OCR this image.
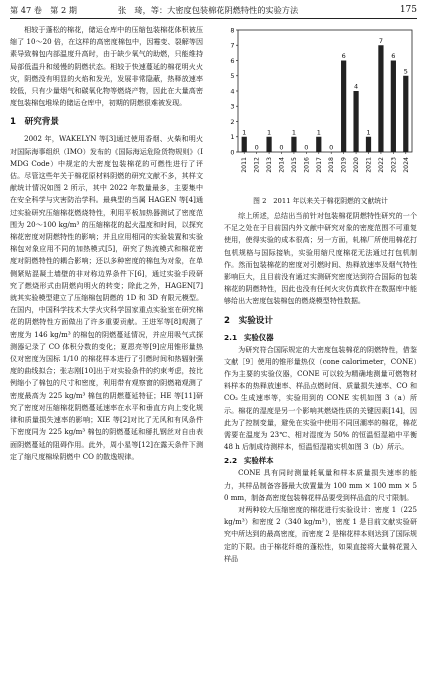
第 47 卷　第 2 期	张　琦，等：大密度包装棉花阴燃特性的实验方法	175

相较于蓬松的棉花，储运仓库中的压缩包装棉花体积被压缩了 10～20 倍，在这样的高密度棉包中，因霉变、裂解等因素导致棉包内部温度升高时，由于缺少氧气的助燃，只能维持局部低温升和缓慢的阴燃状态。相较于快速蔓延的棉花明火火灾，阴燃没有明显的火焰和发光，发展非常隐蔽，热释放速率较低，只有少量烟气和碳氧化物等燃烧产物，因此在大量高密度包装棉包堆垛的储运仓库中，初期的阴燃很难被发现。

1　 研究背景

2002 年，WAKELYN 等[3]通过使用香烟、火柴和明火对国际海事组织（IMO）发布的《国际海运危险货物规则》（IMDG Code）中规定的大密度包装棉花的可燃性进行了评估。尽管这些年关于棉花原材料阴燃的研究文献不多，其样文献统计情况如图 2 所示，其中 2022 年数量最多，主要集中在安全科学与灾害防治学科。最典型的当属 HAGEN 等[4]通过实验研究压缩棉花燃烧特性，利用平板加热器测试了密度范围为 20～100 kg/m³ 的压缩棉花的起火温度和时间，以探究棉花密度对阴燃特性的影响；并且应用相同的实验装置和实验棉包对象应用不同的加热模式[5]，研究了热流模式和棉花密度对阴燃特性的耦合影响；还以多种密度的棉包为对象，在单侧紧贴混凝土墙壁的非对称边界条件下[6]，通过实验手段研究了燃烧形式由阴燃向明火的转变；除此之外，HAGEN[7]就其实验模型建立了压缩棉包阴燃的 1D 和 3D 有限元模型。在国内，中国科学技术大学火灾科学国家重点实验室在研究棉花的阴燃特性方面做出了许多重要贡献。王进军等[8]观测了密度为 146 kg/m³ 的棉包的阴燃蔓延情况，并应用吸气式探测器记录了 CO 体积分数的变化；夏恩亮等[9]应用锥形量热仪对密度为国标 1/10 的棉花样本进行了引燃时间和热辐射强度的曲线拟合；张志刚[10]出于对实验条件的约束考虑，按比例缩小了棉包的尺寸和密度，利用带有观察窗的阴燃箱观测了密度最高为 225 kg/m³ 棉包的阴燃蔓延特征；HE 等[11]研究了密度对压缩棉花阴燃蔓延速率在水平和垂直方向上变化规律和质量损失速率的影响；XIE 等[2]对比了无风和有风条件下密度同为 225 kg/m³ 棉包的阴燃蔓延和掰扎钢丝对自由表面阴燃蔓延的阻碍作用。此外，周小星等[12]在露天条件下测定了缩尺度棉垛阴燃中 CO 的散逸规律。

0
1
2
3
4
5
6
7
8
1
2011
0
2012
1
2013
0
2014
1
2015
0
2016
1
2017
0
2018
6
2019
4
2020
1
2021
7
2022
6
2023
5
2024
图 2　2011 年以来关于棉花阴燃的文献统计

综上所述，总结出当前针对包装棉花阴燃特性研究的一个不足之处在于目前国内外文献中研究对象的密度范围不可重复使用，使得实验的成本很高；另一方面，轧棉厂所使用棉花打包机规格与国际接轨，实验用缩尺度棉花无法通过打包机制作。然而包装棉花的密度对引燃时间、热释放速率及烟气特性影响巨大，且目前没有通过实测研究密度达到符合国际的包装棉花的阴燃特性，因此也没有任何火灾仿真软件在数据库中能够给出大密度包装棉包的燃烧模型特性数据。

2　 实验设计
2.1 实验仪器

为研究符合国际规定的大密度包装棉花的阴燃特性，借鉴文献［9］使用的锥形量热仪（cone calorimeter，CONE）作为主要的实验仪器，CONE 可以较为精确地测量可燃物材料样本的热释放速率、样品点燃时间、质量损失速率、CO 和 CO₂ 生成速率等，实验用到的 CONE 实机如图 3（a）所示。棉花的湿度是另一个影响其燃烧性质的关键因素[14]，因此为了控制变量，避免在实验中使用不同回潮率的棉花，棉花需要在温度为 23℃、相对湿度为 50% 的恒温恒湿箱中平衡 48 h 后制成待测样本，恒温恒湿箱实机如图 3（b）所示。

2.2 实验样本

CONE 具有同时测量耗氧量和样本质量损失速率的能力，其样品制备容器最大放置量为 100 mm × 100 mm × 50 mm，制备高密度包装棉花样品要受到样品盒的尺寸限制。

对两种较大压缩密度的棉花进行实验设计：密度 1（225 kg/m³）和密度 2（340 kg/m³），密度 1 是目前文献实验研究中所达到的最高密度，而密度 2 是棉花样本则达到了国际规定的下限。由于棉花纤维的蓬松性，如果直接将大量棉花置入样品
